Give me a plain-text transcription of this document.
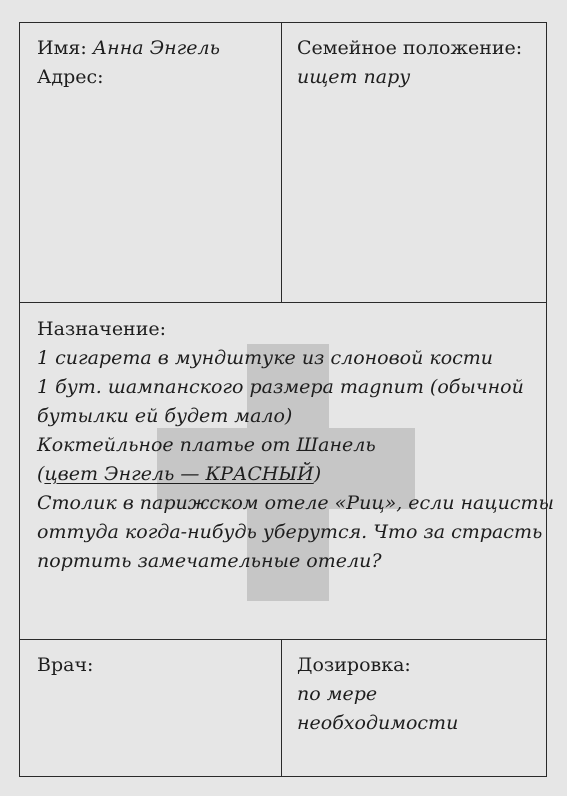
Имя: Анна Энгель
Адрес:
Семейное положение:
ищет пару
Назначение:
1 сигарета в мундштуке из слоновой кости
1 бут. шампанского размера magnum (обычной
бутылки ей будет мало)
Коктейльное платье от Шанель
(цвет Энгель — КРАСНЫЙ)
Столик в парижском отеле «Риц», если нацисты
оттуда когда-нибудь уберутся. Что за страсть
портить замечательные отели?
Врач:	Дозировка:
по мере
необходимости
